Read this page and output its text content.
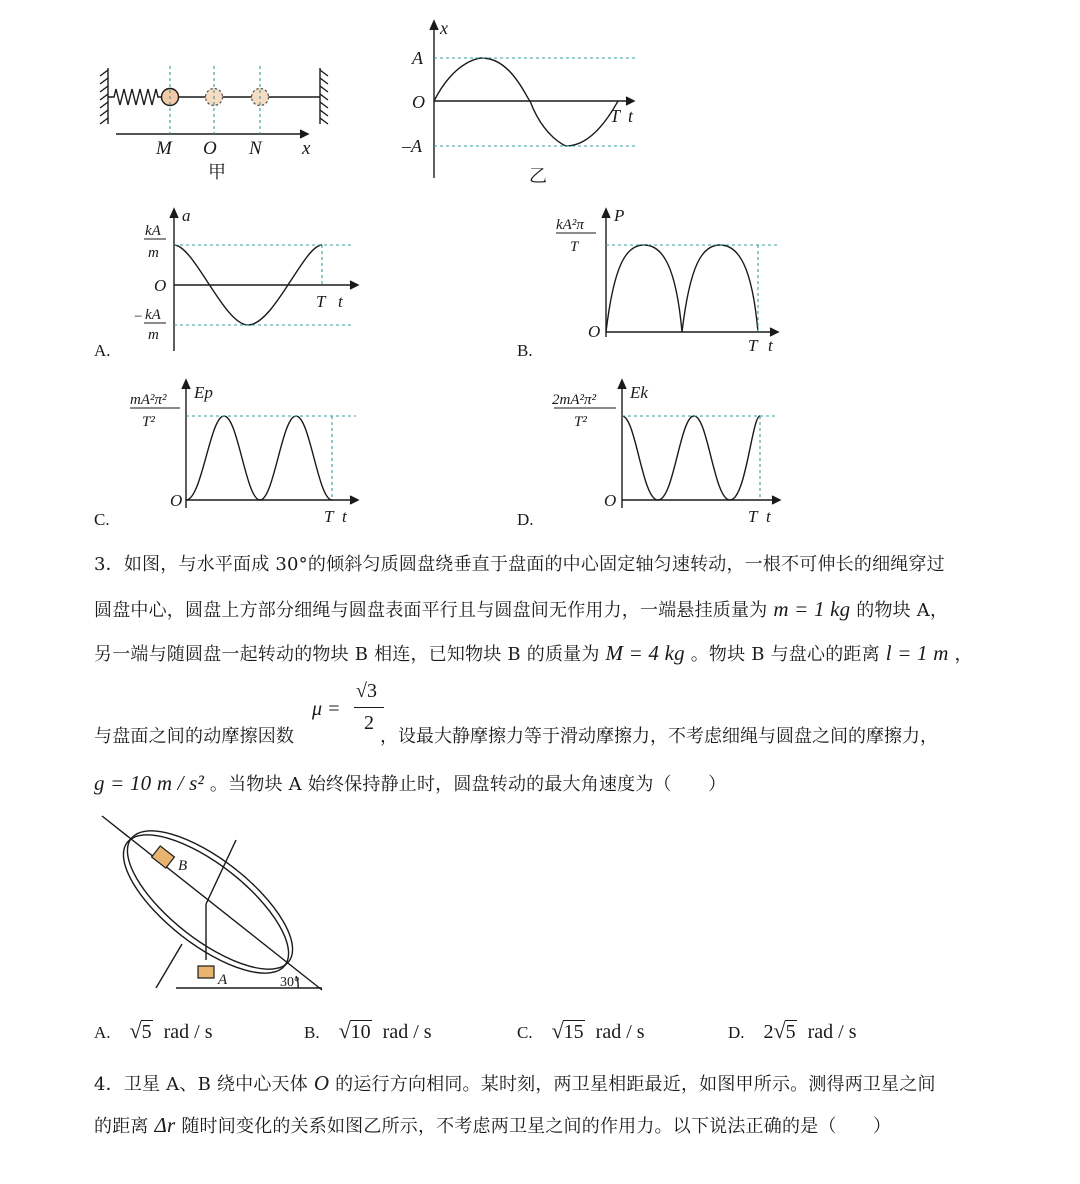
M O N x
甲
x
A
O
–A
T t
乙
A.
a
kA
m
− kA
m
O
T t
B.
P
kA²π
T
O
T t
C.
Ep
mA²π²
T²
O
T t	D.
Ek
2mA²π²
T²
O
T t
3．如图，与水平面成 30°的倾斜匀质圆盘绕垂直于盘面的中心固定轴匀速转动，一根不可伸长的细绳穿过
圆盘中心，圆盘上方部分细绳与圆盘表面平行且与圆盘间无作用力，一端悬挂质量为 m = 1 kg 的物块 A，
另一端与随圆盘一起转动的物块 B 相连，已知物块 B 的质量为 M = 4 kg 。物块 B 与盘心的距离 l = 1 m ，
与盘面之间的动摩擦因数
μ =
√3
2
，设最大静摩擦力等于滑动摩擦力，不考虑细绳与圆盘之间的摩擦力，
g = 10 m / s² 。当物块 A 始终保持静止时，圆盘转动的最大角速度为（　　）
B
A	30°
A. √5 rad / s	B. √10 rad / s	C. √15 rad / s	D. 2√5 rad / s
4．卫星 A、B 绕中心天体 O 的运行方向相同。某时刻，两卫星相距最近，如图甲所示。测得两卫星之间
的距离 Δr 随时间变化的关系如图乙所示，不考虑两卫星之间的作用力。以下说法正确的是（　　）
